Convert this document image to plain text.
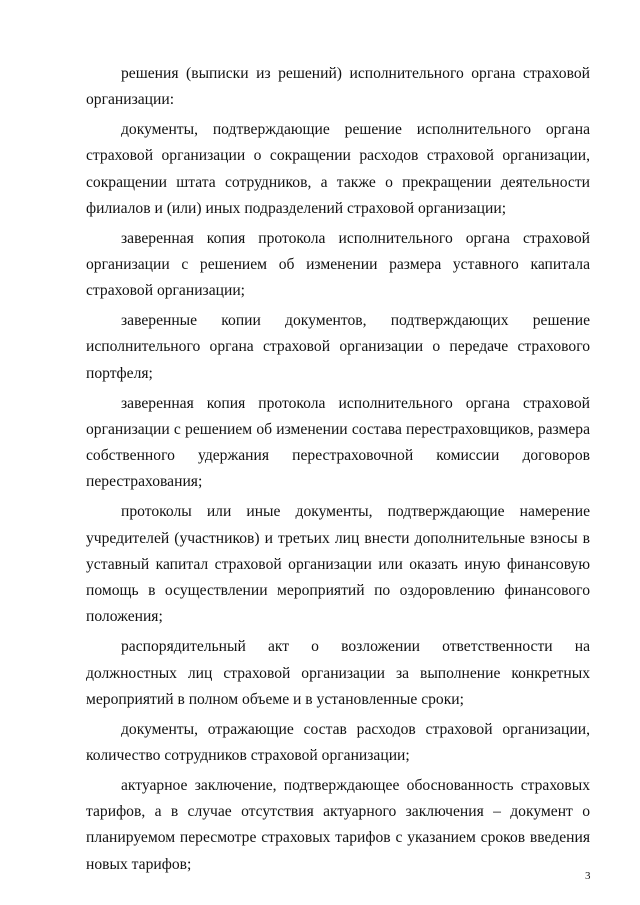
решения (выписки из решений) исполнительного органа страховой организации:

документы, подтверждающие решение исполнительного органа страховой организации о сокращении расходов страховой организации, сокращении штата сотрудников, а также о прекращении деятельности филиалов и (или) иных подразделений страховой организации;

заверенная копия протокола исполнительного органа страховой организации с решением об изменении размера уставного капитала страховой организации;

заверенные копии документов, подтверждающих решение исполнительного органа страховой организации о передаче страхового портфеля;

заверенная копия протокола исполнительного органа страховой организации с решением об изменении состава перестраховщиков, размера собственного удержания перестраховочной комиссии договоров перестрахования;

протоколы или иные документы, подтверждающие намерение учредителей (участников) и третьих лиц внести дополнительные взносы в уставный капитал страховой организации или оказать иную финансовую помощь в осуществлении мероприятий по оздоровлению финансового положения;

распорядительный акт о возложении ответственности на должностных лиц страховой организации за выполнение конкретных мероприятий в полном объеме и в установленные сроки;

документы, отражающие состав расходов страховой организации, количество сотрудников страховой организации;

актуарное заключение, подтверждающее обоснованность страховых тарифов, а в случае отсутствия актуарного заключения – документ о планируемом пересмотре страховых тарифов с указанием сроков введения новых тарифов;

3
